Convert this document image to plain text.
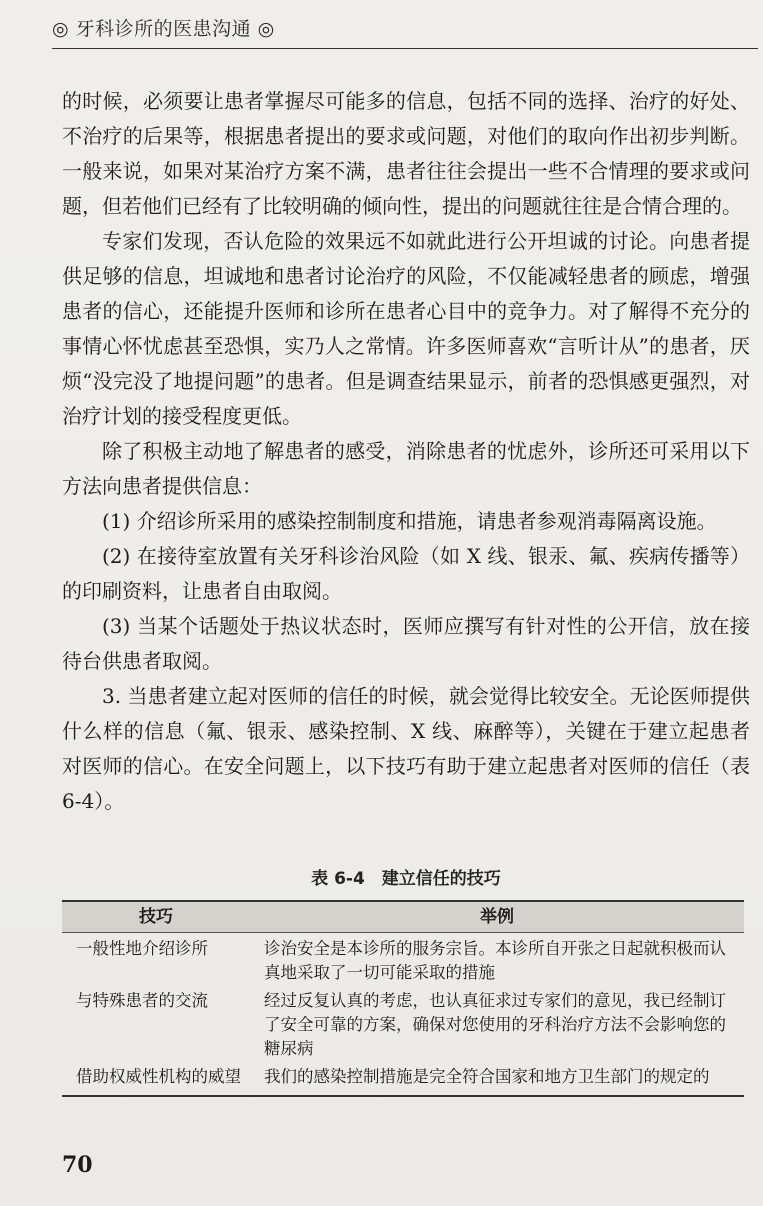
◎ 牙科诊所的医患沟通 ◎

的时候，必须要让患者掌握尽可能多的信息，包括不同的选择、治疗的好处、不治疗的后果等，根据患者提出的要求或问题，对他们的取向作出初步判断。一般来说，如果对某治疗方案不满，患者往往会提出一些不合情理的要求或问题，但若他们已经有了比较明确的倾向性，提出的问题就往往是合情合理的。

专家们发现，否认危险的效果远不如就此进行公开坦诚的讨论。向患者提供足够的信息，坦诚地和患者讨论治疗的风险，不仅能减轻患者的顾虑，增强患者的信心，还能提升医师和诊所在患者心目中的竞争力。对了解得不充分的事情心怀忧虑甚至恐惧，实乃人之常情。许多医师喜欢“言听计从”的患者，厌烦“没完没了地提问题”的患者。但是调查结果显示，前者的恐惧感更强烈，对治疗计划的接受程度更低。

除了积极主动地了解患者的感受，消除患者的忧虑外，诊所还可采用以下方法向患者提供信息：

(1) 介绍诊所采用的感染控制制度和措施，请患者参观消毒隔离设施。

(2) 在接待室放置有关牙科诊治风险（如 X 线、银汞、氟、疾病传播等）的印刷资料，让患者自由取阅。

(3) 当某个话题处于热议状态时，医师应撰写有针对性的公开信，放在接待台供患者取阅。

3. 当患者建立起对医师的信任的时候，就会觉得比较安全。无论医师提供什么样的信息（氟、银汞、感染控制、X 线、麻醉等），关键在于建立起患者对医师的信心。在安全问题上，以下技巧有助于建立起患者对医师的信任（表 6-4）。

表 6-4　建立信任的技巧
技巧	举例
一般性地介绍诊所	诊治安全是本诊所的服务宗旨。本诊所自开张之日起就积极而认真地采取了一切可能采取的措施
与特殊患者的交流	经过反复认真的考虑，也认真征求过专家们的意见，我已经制订了安全可靠的方案，确保对您使用的牙科治疗方法不会影响您的糖尿病
借助权威性机构的威望	我们的感染控制措施是完全符合国家和地方卫生部门的规定的
70
